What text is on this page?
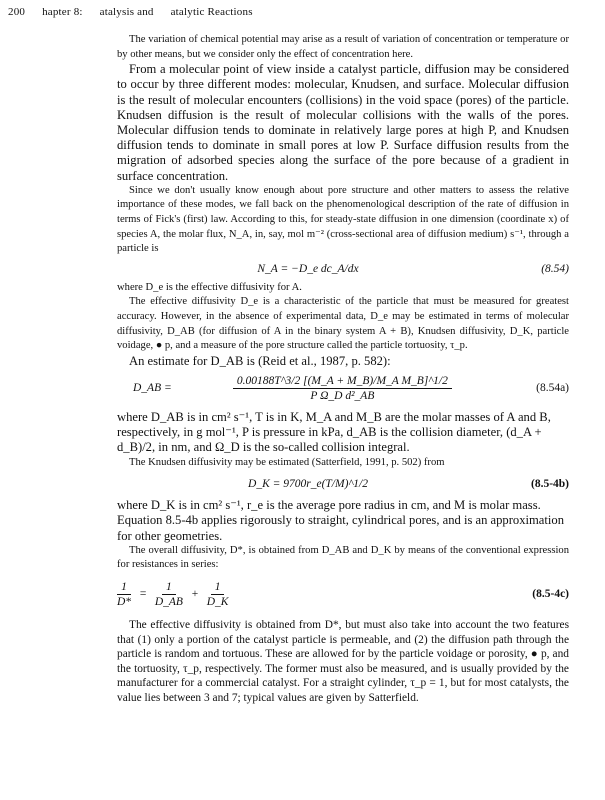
200 hapter 8: atalysis and atalytic Reactions

The variation of chemical potential may arise as a result of variation of concentration or temperature or by other means, but we consider only the effect of concentration here.

From a molecular point of view inside a catalyst particle, diffusion may be considered to occur by three different modes: molecular, Knudsen, and surface. Molecular diffusion is the result of molecular encounters (collisions) in the void space (pores) of the particle. Knudsen diffusion is the result of molecular collisions with the walls of the pores. Molecular diffusion tends to dominate in relatively large pores at high P, and Knudsen diffusion tends to dominate in small pores at low P. Surface diffusion results from the migration of adsorbed species along the surface of the pore because of a gradient in surface concentration.

Since we don't usually know enough about pore structure and other matters to assess the relative importance of these modes, we fall back on the phenomenological description of the rate of diffusion in terms of Fick's (first) law. According to this, for steady-state diffusion in one dimension (coordinate x) of species A, the molar flux, N_A, in, say, mol m⁻² (cross-sectional area of diffusion medium) s⁻¹, through a particle is

N_A = −D_e dc_A/dx	(8.54)

where D_e is the effective diffusivity for A.

The effective diffusivity D_e is a characteristic of the particle that must be measured for greatest accuracy. However, in the absence of experimental data, D_e may be estimated in terms of molecular diffusivity, D_AB (for diffusion of A in the binary system A + B), Knudsen diffusivity, D_K, particle voidage, ● p, and a measure of the pore structure called the particle tortuosity, τ_p.

An estimate for D_AB is (Reid et al., 1987, p. 582):

D_AB =	$\frac{\text{0.00188T\textasciicircum{}3/2 [(M\_A + M\_B)/M\_A M\_B]\textasciicircum{}1/2}}{\text{P Ω\_D d²\_AB}}$	(8.54a)

where D_AB is in cm² s⁻¹, T is in K, M_A and M_B are the molar masses of A and B, respectively, in g mol⁻¹, P is pressure in kPa, d_AB is the collision diameter, (d_A + d_B)/2, in nm, and Ω_D is the so-called collision integral.

The Knudsen diffusivity may be estimated (Satterfield, 1991, p. 502) from

D_K = 9700r_e(T/M)^1/2	(8.5-4b)

where D_K is in cm² s⁻¹, r_e is the average pore radius in cm, and M is molar mass. Equation 8.5-4b applies rigorously to straight, cylindrical pores, and is an approximation for other geometries.

The overall diffusivity, D*, is obtained from D_AB and D_K by means of the conventional expression for resistances in series:

$\frac{1}{D*} = \frac{1}{D\_AB} + \frac{1}{D\_K}$	(8.5-4c)

The effective diffusivity is obtained from D*, but must also take into account the two features that (1) only a portion of the catalyst particle is permeable, and (2) the diffusion path through the particle is random and tortuous. These are allowed for by the particle voidage or porosity, ● p, and the tortuosity, τ_p, respectively. The former must also be measured, and is usually provided by the manufacturer for a commercial catalyst. For a straight cylinder, τ_p = 1, but for most catalysts, the value lies between 3 and 7; typical values are given by Satterfield.
